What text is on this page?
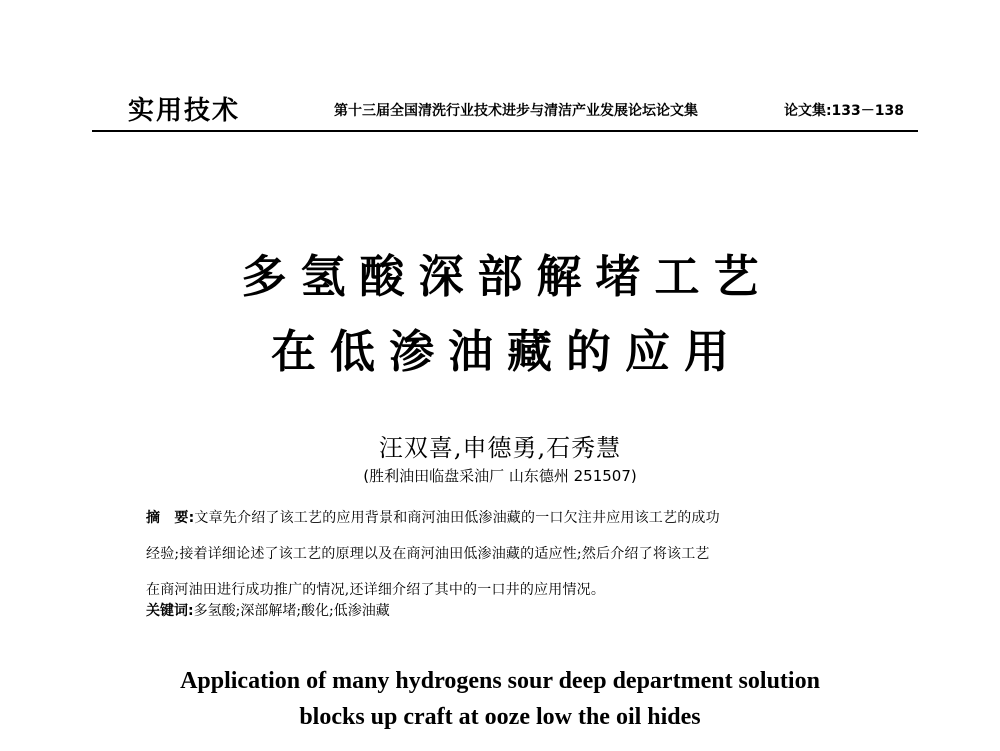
实用技术	第十三届全国清洗行业技术进步与清洁产业发展论坛论文集	论文集:133－138
多氢酸深部解堵工艺
在低渗油藏的应用
汪双喜,申德勇,石秀慧
(胜利油田临盘采油厂 山东德州 251507)
摘　要:文章先介绍了该工艺的应用背景和商河油田低渗油藏的一口欠注井应用该工艺的成功
经验;接着详细论述了该工艺的原理以及在商河油田低渗油藏的适应性;然后介绍了将该工艺
在商河油田进行成功推广的情况,还详细介绍了其中的一口井的应用情况。
关键词:多氢酸;深部解堵;酸化;低渗油藏
Application of many hydrogens sour deep department solution
blocks up craft at ooze low the oil hides
